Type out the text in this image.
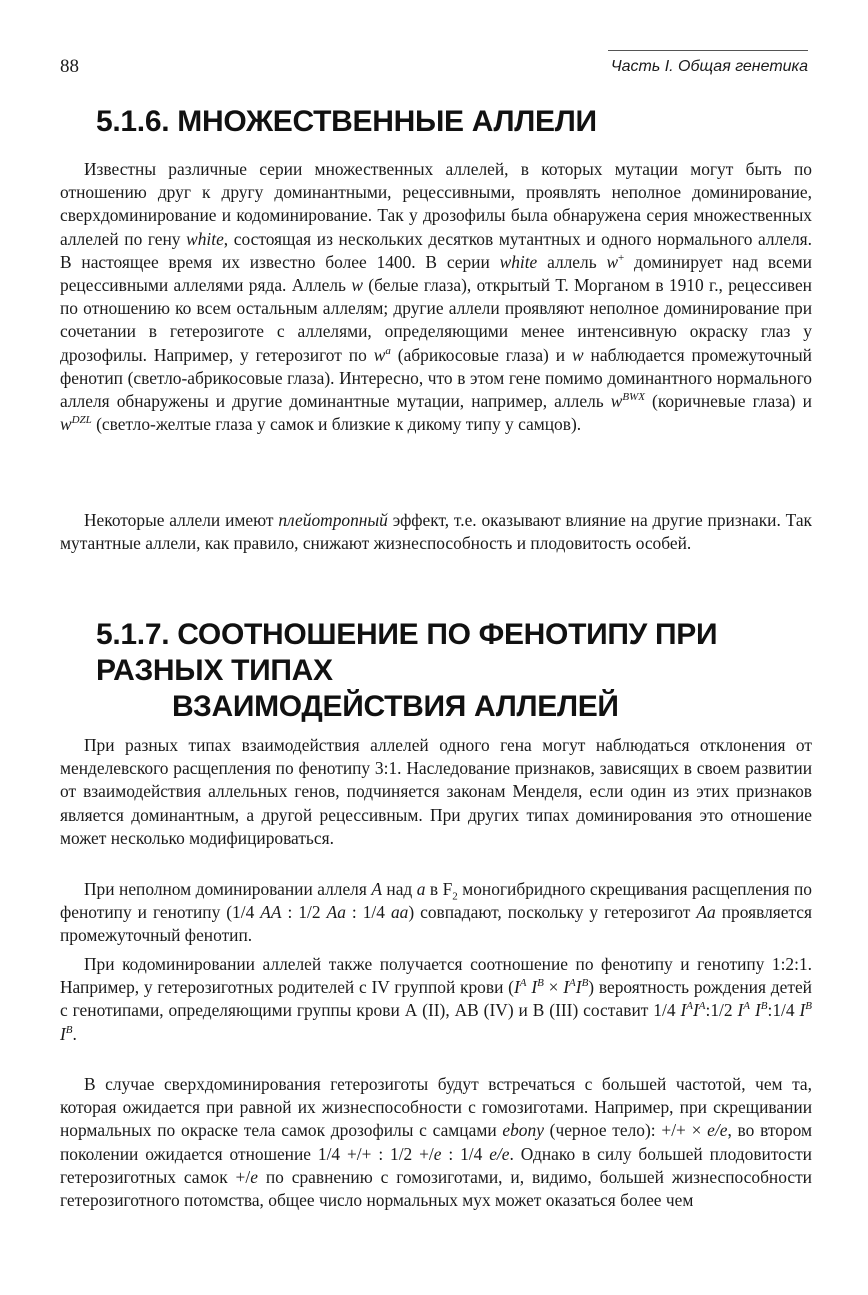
88	Часть I. Общая генетика
5.1.6. МНОЖЕСТВЕННЫЕ АЛЛЕЛИ

Известны различные серии множественных аллелей, в которых мутации могут быть по отношению друг к другу доминантными, рецессивными, проявлять неполное доминирование, сверхдоминирование и кодоминирование. Так у дрозофилы была обнаружена серия множественных аллелей по гену white, состоящая из нескольких десятков мутантных и одного нормального аллеля. В настоящее время их известно более 1400. В серии white аллель w+ доминирует над всеми рецессивными аллелями ряда. Аллель w (белые глаза), открытый Т. Морганом в 1910 г., рецессивен по отношению ко всем остальным аллелям; другие аллели проявляют неполное доминирование при сочетании в гетерозиготе с аллелями, определяющими менее интенсивную окраску глаз у дрозофилы. Например, у гетерозигот по $w^a$ (абрикосовые глаза) и w наблюдается промежуточный фенотип (светло-абрикосовые глаза). Интересно, что в этом гене помимо доминантного нормального аллеля обнаружены и другие доминантные мутации, например, аллель $w^{BWX}$ (коричневые глаза) и $w^{DZL}$ (светло-желтые глаза у самок и близкие к дикому типу у самцов).

Некоторые аллели имеют плейотропный эффект, т.е. оказывают влияние на другие признаки. Так мутантные аллели, как правило, снижают жизнеспособность и плодовитость особей.

5.1.7. СООТНОШЕНИЕ ПО ФЕНОТИПУ ПРИ РАЗНЫХ ТИПАХ
ВЗАИМОДЕЙСТВИЯ АЛЛЕЛЕЙ

При разных типах взаимодействия аллелей одного гена могут наблюдаться отклонения от менделевского расщепления по фенотипу 3:1. Наследование признаков, зависящих в своем развитии от взаимодействия аллельных генов, подчиняется законам Менделя, если один из этих признаков является доминантным, а другой рецессивным. При других типах доминирования это отношение может несколько модифицироваться.

При неполном доминировании аллеля A над a в $F_2$ моногибридного скрещивания расщепления по фенотипу и генотипу (1/4 AA : 1/2 Aa : 1/4 aa) совпадают, поскольку у гетерозигот Aa проявляется промежуточный фенотип.

При кодоминировании аллелей также получается соотношение по фенотипу и генотипу 1:2:1. Например, у гетерозиготных родителей с IV группой крови ($I^A$ $I^B \times I^AI^B$) вероятность рождения детей с генотипами, определяющими группы крови А (II), АВ (IV) и В (III) составит 1/4 $I^AI^A:1/2$ $I^A$ $I^B:1/4$ $I^B$ $I^B$.

В случае сверхдоминирования гетерозиготы будут встречаться с большей частотой, чем та, которая ожидается при равной их жизнеспособности с гомозиготами. Например, при скрещивании нормальных по окраске тела самок дрозофилы с самцами ebony (черное тело): +/+ × e/e, во втором поколении ожидается отношение 1/4 +/+ : 1/2 +/e : 1/4 e/e. Однако в силу большей плодовитости гетерозиготных самок +/e по сравнению с гомозиготами, и, видимо, большей жизнеспособности гетерозиготного потомства, общее число нормальных мух может оказаться более чем
